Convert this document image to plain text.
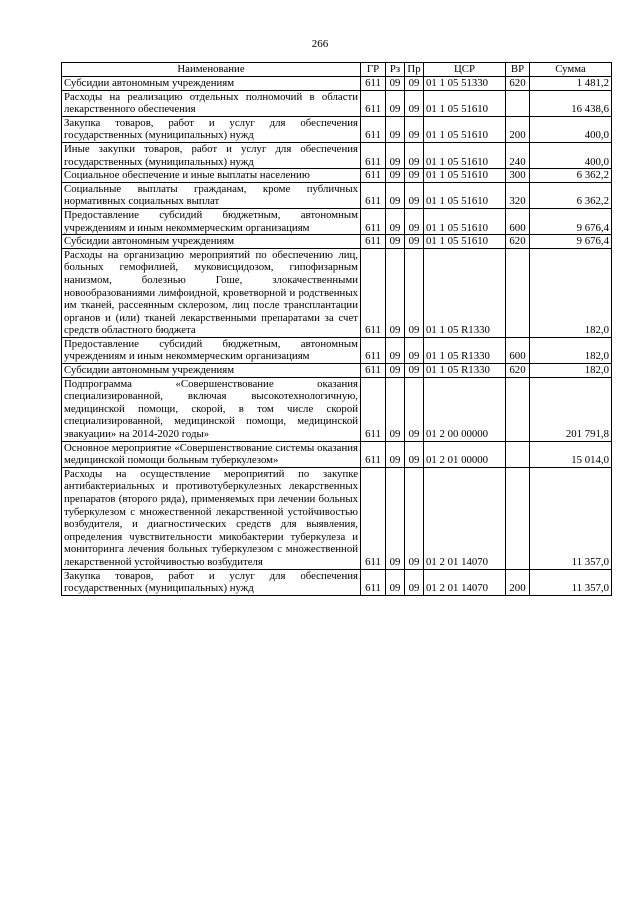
266
Наименование	ГР	Рз	Пр	ЦСР	ВР	Сумма
Субсидии автономным учреждениям	611	09	09	01 1 05 51330	620	1 481,2
Расходы на реализацию отдельных полномочий в области лекарственного обеспечения	611	09	09	01 1 05 51610		16 438,6
Закупка товаров, работ и услуг для обеспечения государственных (муниципальных) нужд	611	09	09	01 1 05 51610	200	400,0
Иные закупки товаров, работ и услуг для обеспечения государственных (муниципальных) нужд	611	09	09	01 1 05 51610	240	400,0
Социальное обеспечение и иные выплаты населению	611	09	09	01 1 05 51610	300	6 362,2
Социальные выплаты гражданам, кроме публичных нормативных социальных выплат	611	09	09	01 1 05 51610	320	6 362,2
Предоставление субсидий бюджетным, автономным учреждениям и иным некоммерческим организациям	611	09	09	01 1 05 51610	600	9 676,4
Субсидии автономным учреждениям	611	09	09	01 1 05 51610	620	9 676,4
Расходы на организацию мероприятий по обеспечению лиц, больных гемофилией, муковисцидозом, гипофизарным нанизмом, болезнью Гоше, злокачественными новообразованиями лимфоидной, кроветворной и родственных им тканей, рассеянным склерозом, лиц после трансплантации органов и (или) тканей лекарственными препаратами за счет средств областного бюджета	611	09	09	01 1 05 R1330		182,0
Предоставление субсидий бюджетным, автономным учреждениям и иным некоммерческим организациям	611	09	09	01 1 05 R1330	600	182,0
Субсидии автономным учреждениям	611	09	09	01 1 05 R1330	620	182,0
Подпрограмма «Совершенствование оказания специализированной, включая высокотехнологичную, медицинской помощи, скорой, в том числе скорой специализированной, медицинской помощи, медицинской эвакуации» на 2014-2020 годы»	611	09	09	01 2 00 00000		201 791,8
Основное мероприятие «Совершенствование системы оказания медицинской помощи больным туберкулезом»	611	09	09	01 2 01 00000		15 014,0
Расходы на осуществление мероприятий по закупке антибактериальных и противотуберкулезных лекарственных препаратов (второго ряда), применяемых при лечении больных туберкулезом с множественной лекарственной устойчивостью возбудителя, и диагностических средств для выявления, определения чувствительности микобактерии туберкулеза и мониторинга лечения больных туберкулезом с множественной лекарственной устойчивостью возбудителя	611	09	09	01 2 01 14070		11 357,0
Закупка товаров, работ и услуг для обеспечения государственных (муниципальных) нужд	611	09	09	01 2 01 14070	200	11 357,0
